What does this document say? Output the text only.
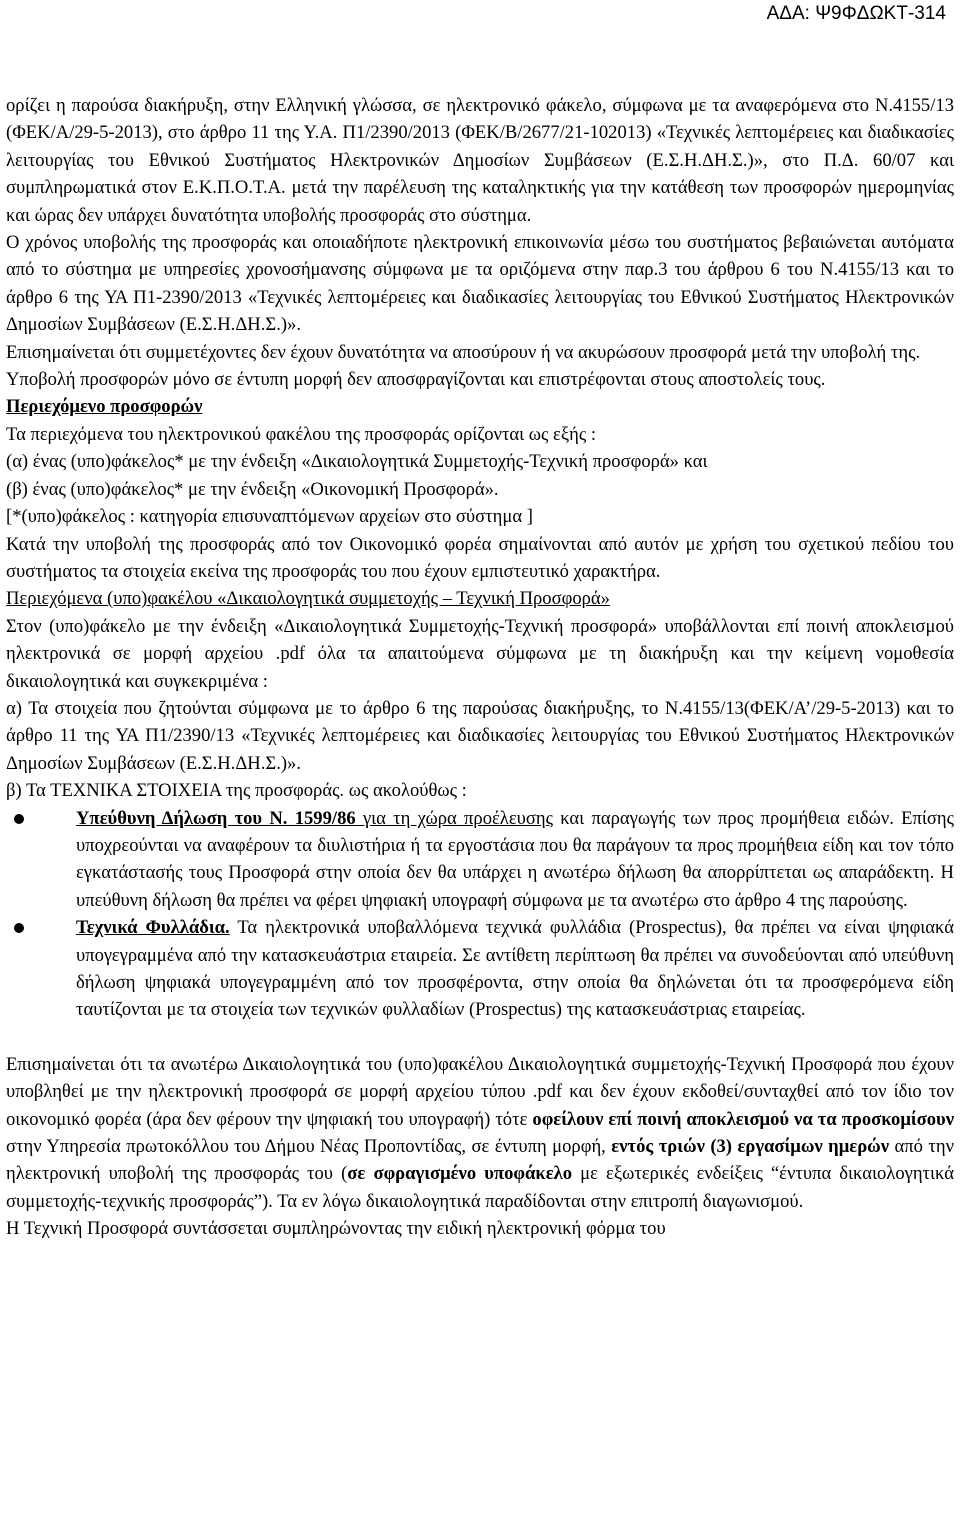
ΑΔΑ: Ψ9ΦΔΩΚΤ-314

ορίζει η παρούσα διακήρυξη, στην Ελληνική γλώσσα, σε ηλεκτρονικό φάκελο, σύμφωνα με τα αναφερόμενα στο Ν.4155/13 (ΦΕΚ/Α/29-5-2013), στο άρθρο 11 της Υ.Α. Π1/2390/2013 (ΦΕΚ/Β/2677/21-102013) «Τεχνικές λεπτομέρειες και διαδικασίες λειτουργίας του Εθνικού Συστήματος Ηλεκτρονικών Δημοσίων Συμβάσεων (Ε.Σ.Η.ΔΗ.Σ.)», στο Π.Δ. 60/07 και συμπληρωματικά στον Ε.Κ.Π.Ο.Τ.Α. μετά την παρέλευση της καταληκτικής για την κατάθεση των προσφορών ημερομηνίας και ώρας δεν υπάρχει δυνατότητα υποβολής προσφοράς στο σύστημα.

Ο χρόνος υποβολής της προσφοράς και οποιαδήποτε ηλεκτρονική επικοινωνία μέσω του συστήματος βεβαιώνεται αυτόματα από το σύστημα με υπηρεσίες χρονοσήμανσης σύμφωνα με τα οριζόμενα στην παρ.3 του άρθρου 6 του Ν.4155/13 και το άρθρο 6 της ΥΑ Π1-2390/2013 «Τεχνικές λεπτομέρειες και διαδικασίες λειτουργίας του Εθνικού Συστήματος Ηλεκτρονικών Δημοσίων Συμβάσεων (Ε.Σ.Η.ΔΗ.Σ.)».

Επισημαίνεται ότι συμμετέχοντες δεν έχουν δυνατότητα να αποσύρουν ή να ακυρώσουν προσφορά μετά την υποβολή της.

Υποβολή προσφορών μόνο σε έντυπη μορφή δεν αποσφραγίζονται και επιστρέφονται στους αποστολείς τους.

Περιεχόμενο προσφορών

Τα περιεχόμενα του ηλεκτρονικού φακέλου της προσφοράς ορίζονται ως εξής :

(α) ένας (υπο)φάκελος* με την ένδειξη «Δικαιολογητικά Συμμετοχής-Τεχνική προσφορά» και

(β) ένας (υπο)φάκελος* με την ένδειξη «Οικονομική Προσφορά».

[*(υπο)φάκελος : κατηγορία επισυναπτόμενων αρχείων στο σύστημα ]

Κατά την υποβολή της προσφοράς από τον Οικονομικό φορέα σημαίνονται από αυτόν με χρήση του σχετικού πεδίου του συστήματος τα στοιχεία εκείνα της προσφοράς του που έχουν εμπιστευτικό χαρακτήρα.

Περιεχόμενα (υπο)φακέλου «Δικαιολογητικά συμμετοχής – Τεχνική Προσφορά»

Στον (υπο)φάκελο με την ένδειξη «Δικαιολογητικά Συμμετοχής-Τεχνική προσφορά» υποβάλλονται επί ποινή αποκλεισμού ηλεκτρονικά σε μορφή αρχείου .pdf όλα τα απαιτούμενα σύμφωνα με τη διακήρυξη και την κείμενη νομοθεσία δικαιολογητικά και συγκεκριμένα :

α) Τα στοιχεία που ζητούνται σύμφωνα με το άρθρο 6 της παρούσας διακήρυξης, το Ν.4155/13(ΦΕΚ/Α’/29-5-2013) και το άρθρο 11 της ΥΑ Π1/2390/13 «Τεχνικές λεπτομέρειες και διαδικασίες λειτουργίας του Εθνικού Συστήματος Ηλεκτρονικών Δημοσίων Συμβάσεων (Ε.Σ.Η.ΔΗ.Σ.)».

β) Τα ΤΕΧΝΙΚΑ ΣΤΟΙΧΕΙΑ της προσφοράς. ως ακολούθως :

Υπεύθυνη Δήλωση του Ν. 1599/86 για τη χώρα προέλευσης και παραγωγής των προς προμήθεια ειδών. Επίσης υποχρεούνται να αναφέρουν τα διυλιστήρια ή τα εργοστάσια που θα παράγουν τα προς προμήθεια είδη και τον τόπο εγκατάστασής τους Προσφορά στην οποία δεν θα υπάρχει η ανωτέρω δήλωση θα απορρίπτεται ως απαράδεκτη. Η υπεύθυνη δήλωση θα πρέπει να φέρει ψηφιακή υπογραφή σύμφωνα με τα ανωτέρω στο άρθρο 4 της παρούσης.

Τεχνικά Φυλλάδια. Τα ηλεκτρονικά υποβαλλόμενα τεχνικά φυλλάδια (Prospectus), θα πρέπει να είναι ψηφιακά υπογεγραμμένα από την κατασκευάστρια εταιρεία. Σε αντίθετη περίπτωση θα πρέπει να συνοδεύονται από υπεύθυνη δήλωση ψηφιακά υπογεγραμμένη από τον προσφέροντα, στην οποία θα δηλώνεται ότι τα προσφερόμενα είδη ταυτίζονται με τα στοιχεία των τεχνικών φυλλαδίων (Prospectus) της κατασκευάστριας εταιρείας.

Επισημαίνεται ότι τα ανωτέρω Δικαιολογητικά του (υπο)φακέλου Δικαιολογητικά συμμετοχής-Τεχνική Προσφορά που έχουν υποβληθεί με την ηλεκτρονική προσφορά σε μορφή αρχείου τύπου .pdf και δεν έχουν εκδοθεί/συνταχθεί από τον ίδιο τον οικονομικό φορέα (άρα δεν φέρουν την ψηφιακή του υπογραφή) τότε οφείλουν επί ποινή αποκλεισμού να τα προσκομίσουν στην Υπηρεσία πρωτοκόλλου του Δήμου Νέας Προποντίδας, σε έντυπη μορφή, εντός τριών (3) εργασίμων ημερών από την ηλεκτρονική υποβολή της προσφοράς του (σε σφραγισμένο υποφάκελο με εξωτερικές ενδείξεις “έντυπα δικαιολογητικά συμμετοχής-τεχνικής προσφοράς”). Τα εν λόγω δικαιολογητικά παραδίδονται στην επιτροπή διαγωνισμού.

Η Τεχνική Προσφορά συντάσσεται συμπληρώνοντας την ειδική ηλεκτρονική φόρμα του
